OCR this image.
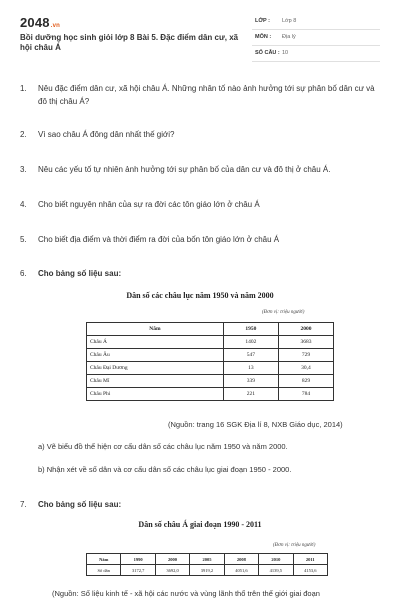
2048.vn
Bồi dưỡng học sinh giỏi lớp 8 Bài 5. Đặc điểm dân cư, xã hội châu Á
LỚP : Lớp 8
MÔN : Địa lý
SỐ CÂU : 10
1.	Nêu đặc điểm dân cư, xã hội châu Á. Những nhân tố nào ảnh hưởng tới sự phân bố dân cư và đô thị châu Á?
2.	Vì sao châu Á đông dân nhất thế giới?
3.	Nêu các yếu tố tự nhiên ảnh hưởng tới sự phân bố của dân cư và đô thị ở châu Á.
4.	Cho biết nguyên nhân của sự ra đời các tôn giáo lớn ở châu Á
5.	Cho biết địa điểm và thời điểm ra đời của bốn tôn giáo lớn ở châu Á
6.	Cho bảng số liệu sau:
Dân số các châu lục năm 1950 và năm 2000
(Đơn vị: triệu người)
Năm	1950	2000
Châu Á	1402	3683
Châu Âu	547	729
Châu Đại Dương	13	30,4
Châu Mĩ	339	829
Châu Phi	221	784
(Nguồn: trang 16 SGK Địa lí 8, NXB Giáo dục, 2014)
a) Vẽ biểu đồ thể hiện cơ cấu dân số các châu lục năm 1950 và năm 2000.
b) Nhận xét về số dân và cơ cấu dân số các châu lục giai đoạn 1950 - 2000.
7.	Cho bảng số liệu sau:
Dân số châu Á giai đoạn 1990 - 2011
(Đơn vị: triệu người)
Năm	1990	2000	2005	2008	2010	2011
Số dân	3172,7	3692,0	3919,2	4051,6	4139,5	4153,6
(Nguồn: Số liệu kinh tế - xã hội các nước và vùng lãnh thổ trên thế giới giai đoạn
